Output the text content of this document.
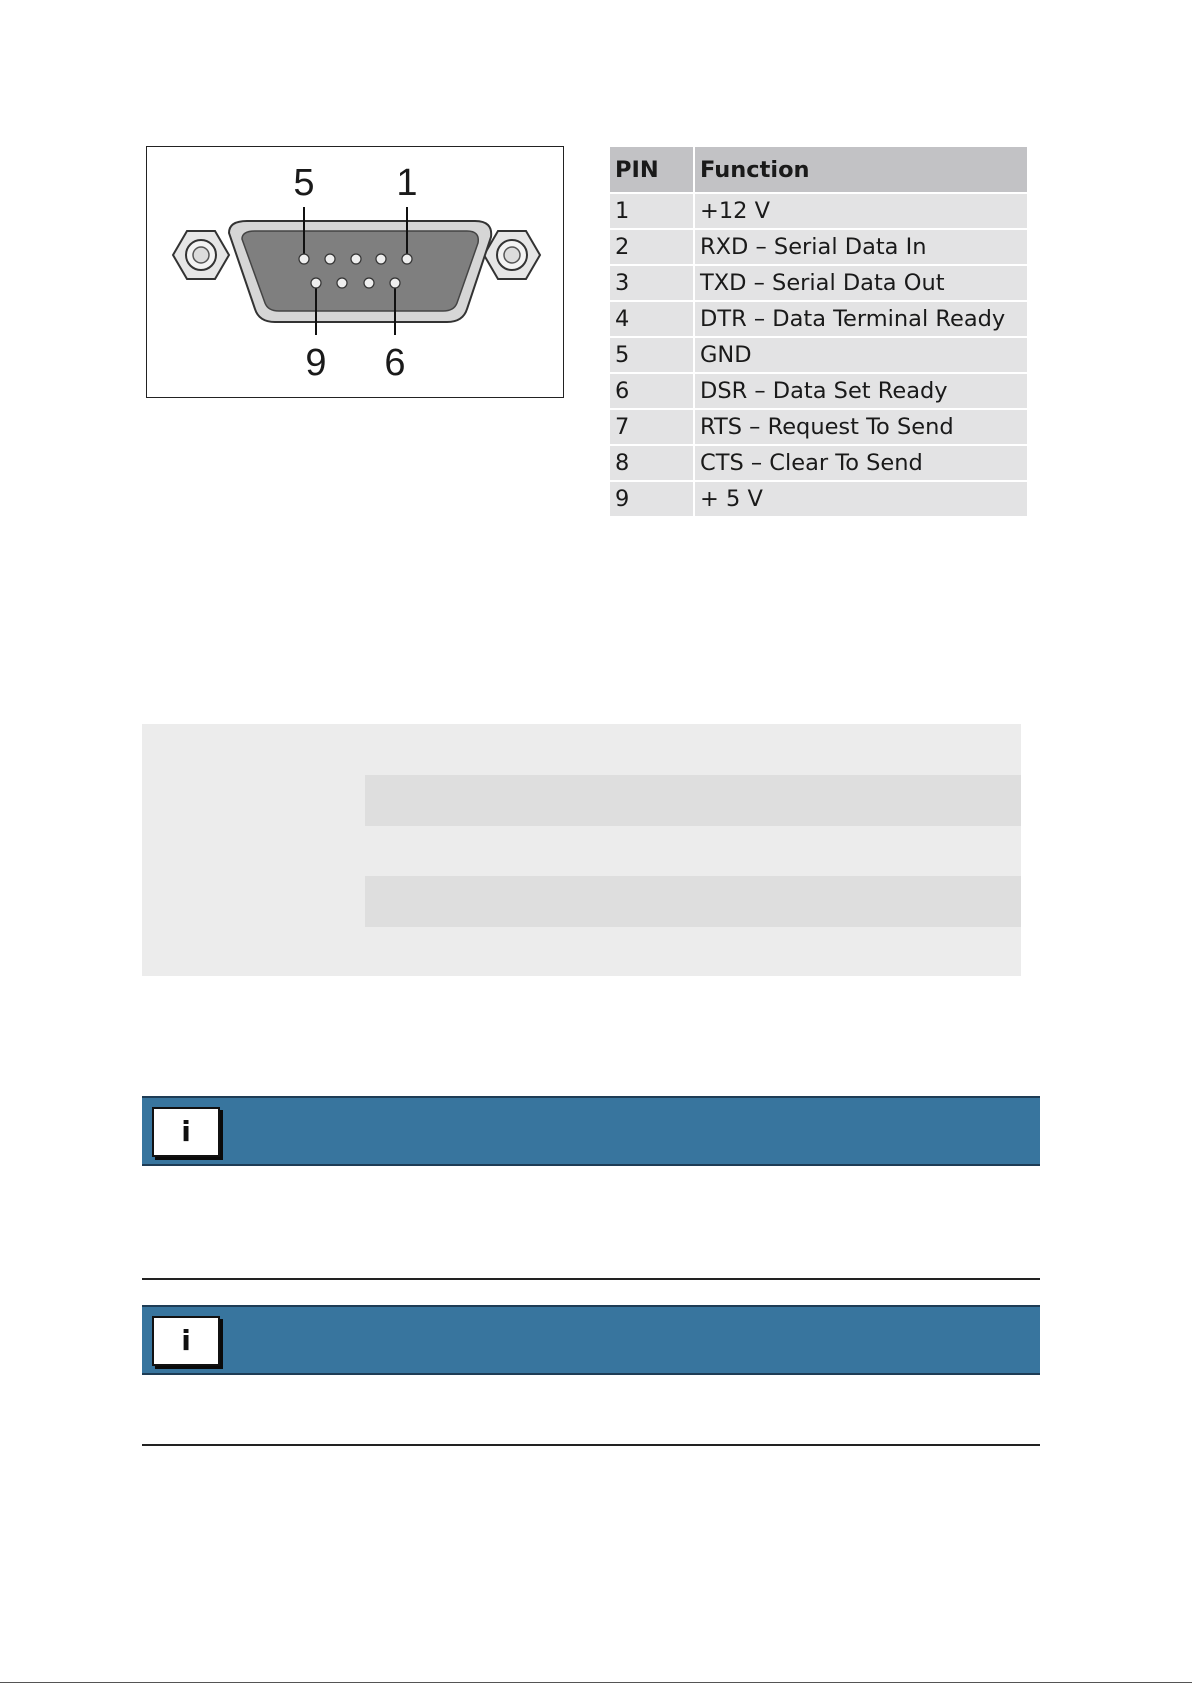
5 1
9 6
PIN	Function
1	+12 V
2	RXD – Serial Data In
3	TXD – Serial Data Out
4	DTR – Data Terminal Ready
5	GND
6	DSR – Data Set Ready
7	RTS – Request To Send
8	CTS – Clear To Send
9	+ 5 V
i
i
